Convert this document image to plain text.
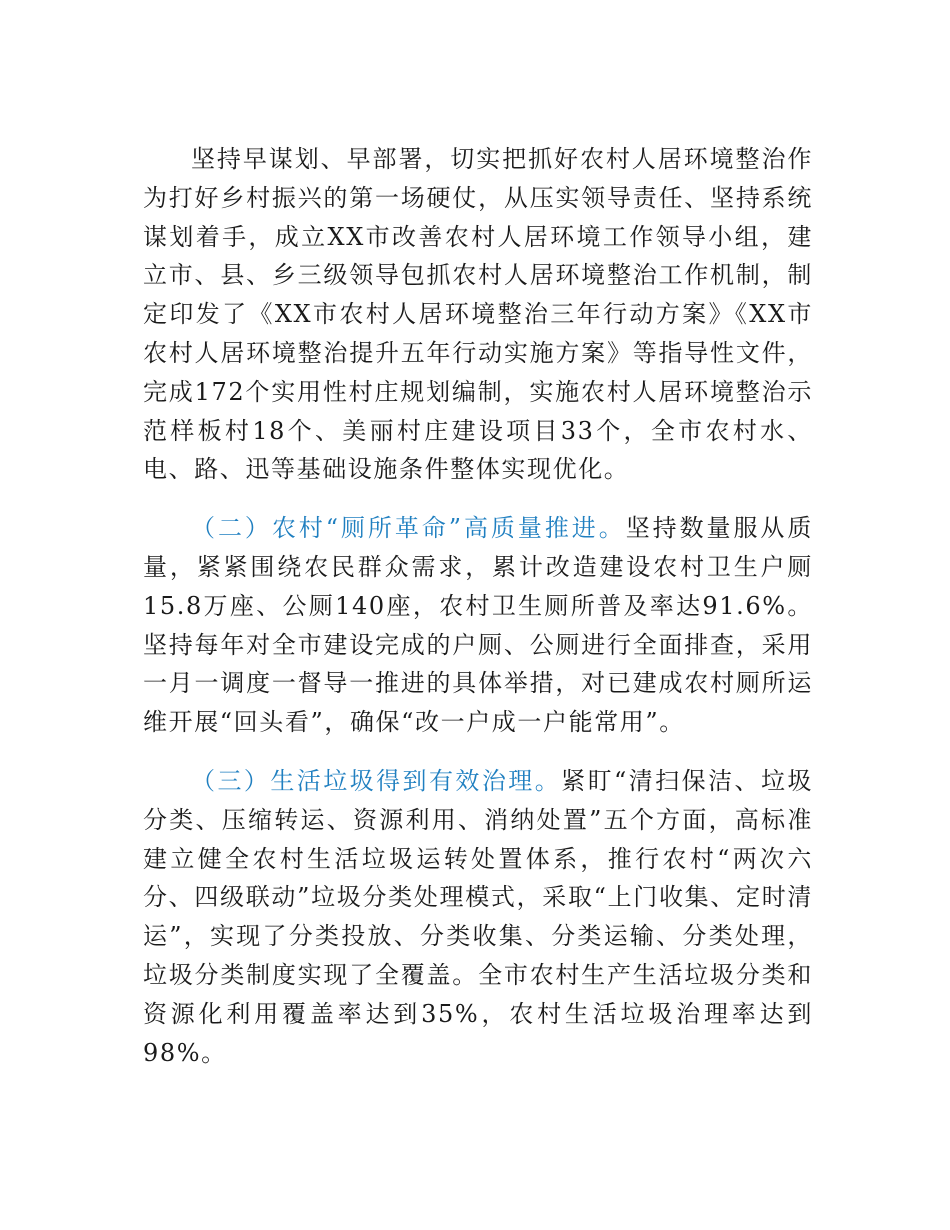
坚持早谋划、早部署，切实把抓好农村人居环境整治作为打好乡村振兴的第一场硬仗，从压实领导责任、坚持系统谋划着手，成立XX市改善农村人居环境工作领导小组，建立市、县、乡三级领导包抓农村人居环境整治工作机制，制定印发了《XX市农村人居环境整治三年行动方案》《XX市农村人居环境整治提升五年行动实施方案》等指导性文件，完成172个实用性村庄规划编制，实施农村人居环境整治示范样板村18个、美丽村庄建设项目33个，全市农村水、电、路、迅等基础设施条件整体实现优化。

（二）农村“厕所革命”高质量推进。坚持数量服从质量，紧紧围绕农民群众需求，累计改造建设农村卫生户厕15.8万座、公厕140座，农村卫生厕所普及率达91.6%。坚持每年对全市建设完成的户厕、公厕进行全面排查，采用一月一调度一督导一推进的具体举措，对已建成农村厕所运维开展“回头看”，确保“改一户成一户能常用”。

（三）生活垃圾得到有效治理。紧盯“清扫保洁、垃圾分类、压缩转运、资源利用、消纳处置”五个方面，高标准建立健全农村生活垃圾运转处置体系，推行农村“两次六分、四级联动”垃圾分类处理模式，采取“上门收集、定时清运”，实现了分类投放、分类收集、分类运输、分类处理，垃圾分类制度实现了全覆盖。全市农村生产生活垃圾分类和资源化利用覆盖率达到35%，农村生活垃圾治理率达到98%。
